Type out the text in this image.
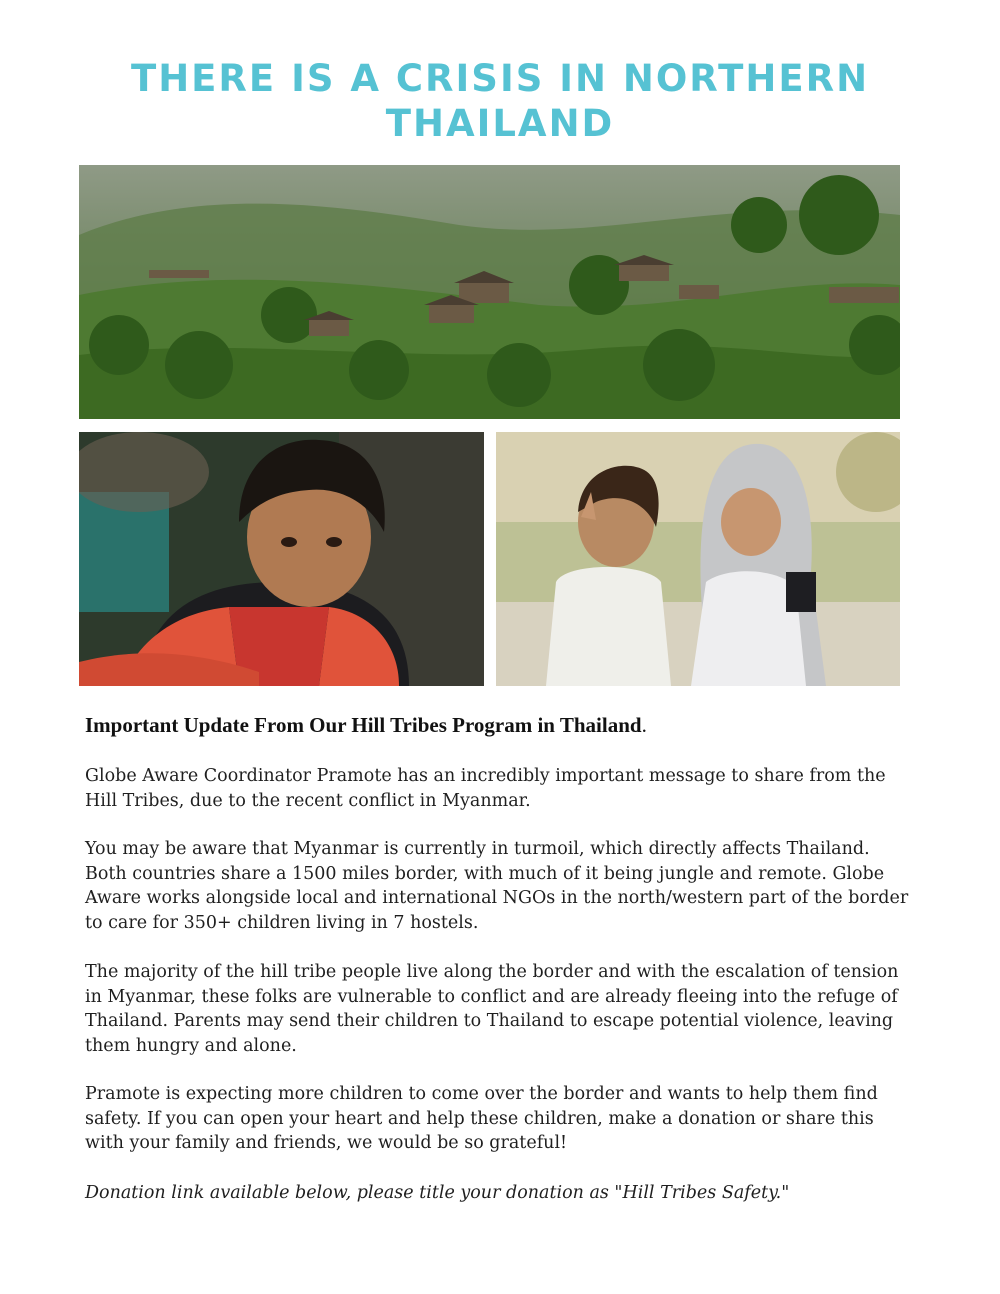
THERE IS A CRISIS IN NORTHERN THAILAND
Important Update From Our Hill Tribes Program in Thailand.

Globe Aware Coordinator Pramote has an incredibly important message to share from the Hill Tribes, due to the recent conflict in Myanmar.

You may be aware that Myanmar is currently in turmoil, which directly affects Thailand. Both countries share a 1500 miles border, with much of it being jungle and remote. Globe Aware works alongside local and international NGOs in the north/western part of the border to care for 350+ children living in 7 hostels.

The majority of the hill tribe people live along the border and with the escalation of tension in Myanmar, these folks are vulnerable to conflict and are already fleeing into the refuge of Thailand. Parents may send their children to Thailand to escape potential violence, leaving them hungry and alone.

Pramote is expecting more children to come over the border and wants to help them find safety. If you can open your heart and help these children, make a donation or share this with your family and friends, we would be so grateful!

Donation link available below, please title your donation as "Hill Tribes Safety."
